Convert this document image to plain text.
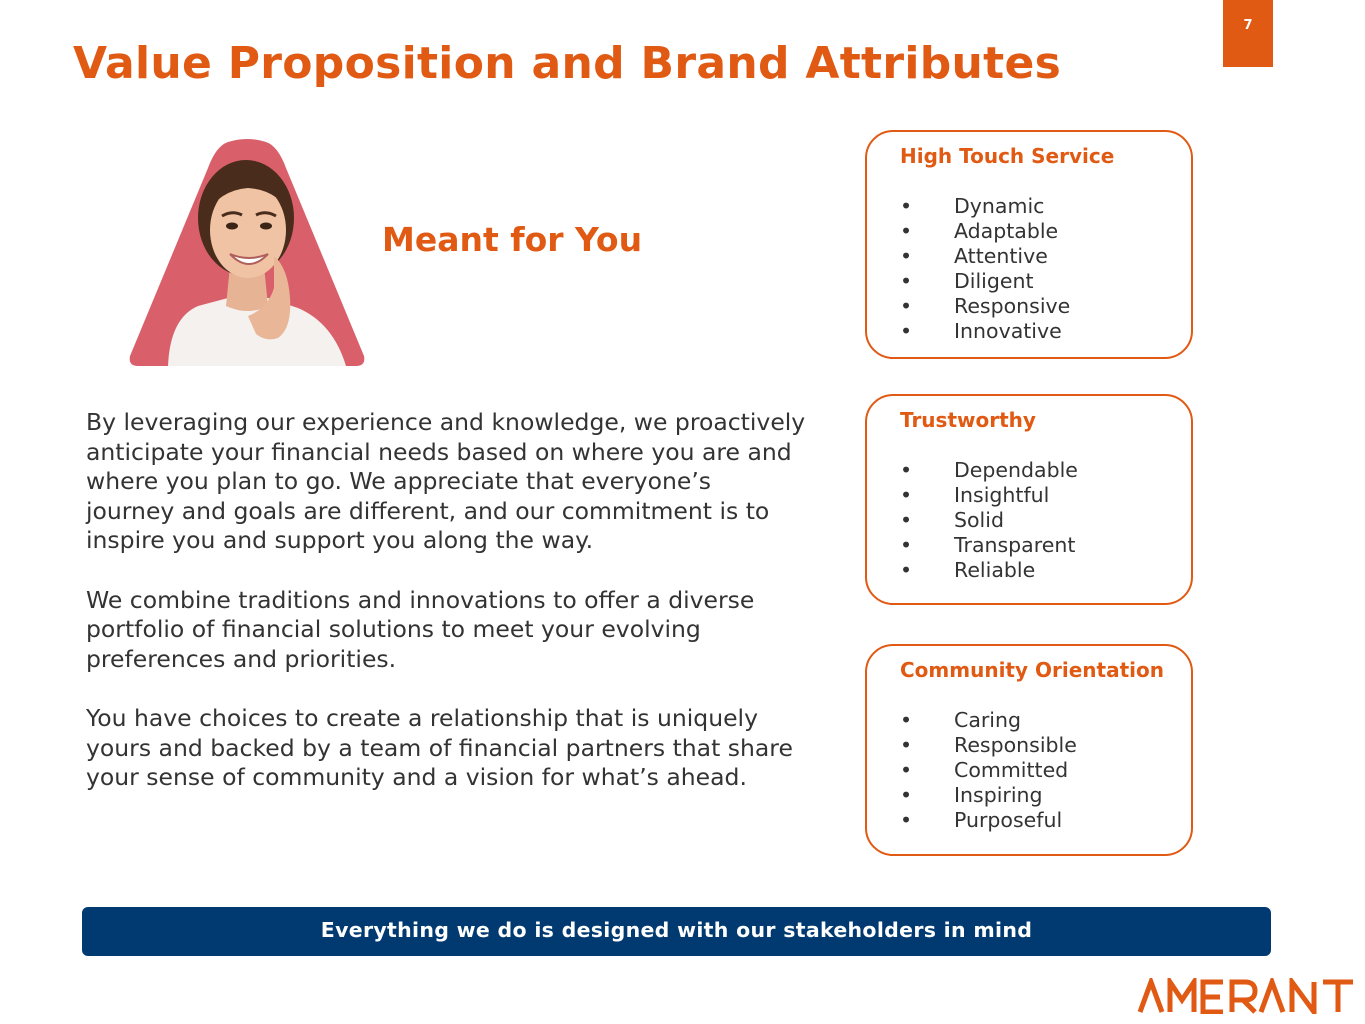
Value Proposition and Brand Attributes
7
Meant for You

By leveraging our experience and knowledge, we proactively anticipate your financial needs based on where you are and where you plan to go. We appreciate that everyone’s journey and goals are different, and our commitment is to inspire you and support you along the way.

We combine traditions and innovations to offer a diverse portfolio of financial solutions to meet your evolving preferences and priorities.

You have choices to create a relationship that is uniquely yours and backed by a team of financial partners that share your sense of community and a vision for what’s ahead.

High Touch Service
•	Dynamic
•	Adaptable
•	Attentive
•	Diligent
•	Responsive
•	Innovative
Trustworthy
•	Dependable
•	Insightful
•	Solid
•	Transparent
•	Reliable
Community Orientation
•	Caring
•	Responsible
•	Committed
•	Inspiring
•	Purposeful
Everything we do is designed with our stakeholders in mind
